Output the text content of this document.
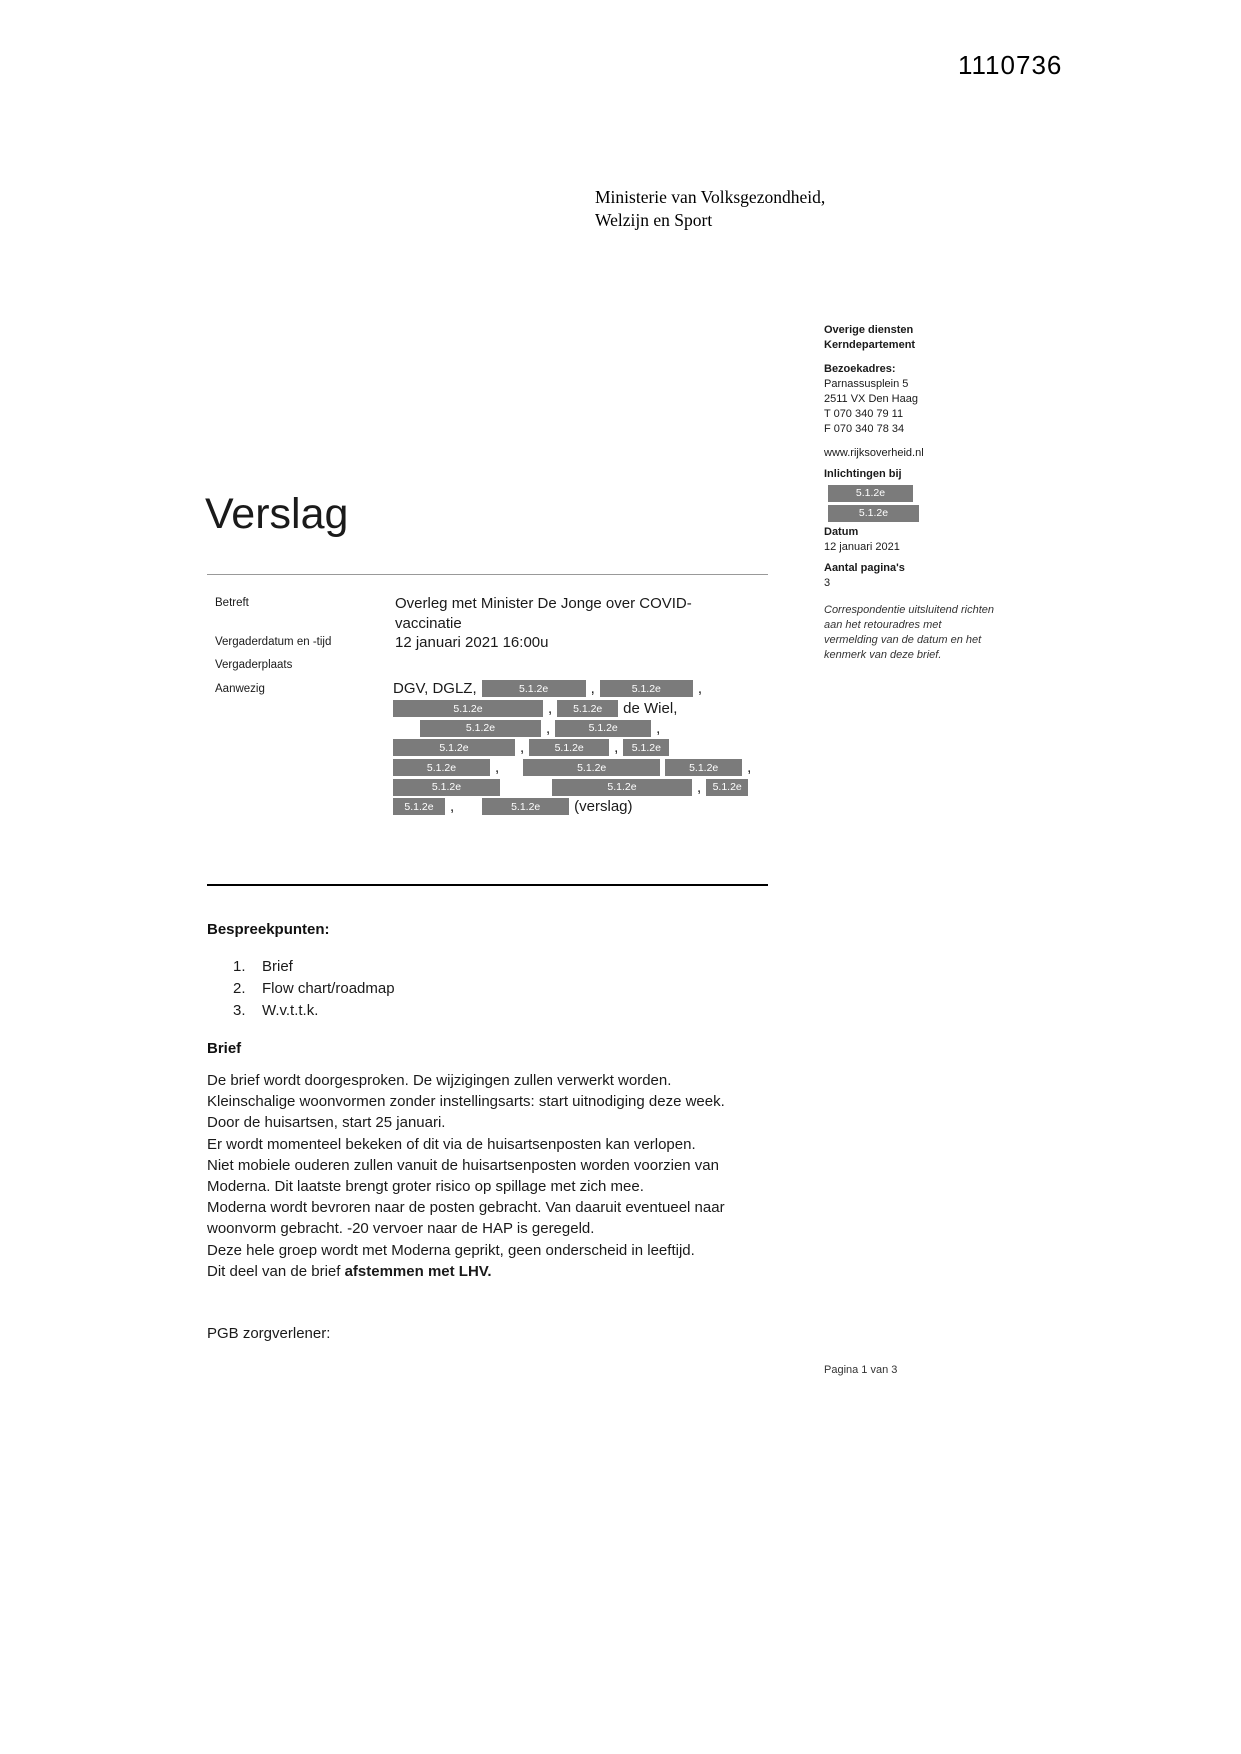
1110736
Ministerie van Volksgezondheid,
Welzijn en Sport
Overige diensten
Kerndepartement
Bezoekadres:
Parnassusplein 5
2511 VX Den Haag
T 070 340 79 11
F 070 340 78 34
www.rijksoverheid.nl
Inlichtingen bij
5.1.2e
5.1.2e
Datum
12 januari 2021
Aantal pagina's
3
Correspondentie uitsluitend richten aan het retouradres met vermelding van de datum en het kenmerk van deze brief.
Verslag
Betreft	Overleg met Minister De Jonge over COVID-vaccinatie
Vergaderdatum en -tijd	12 januari 2021 16:00u
Vergaderplaats
Aanwezig	DGV, DGLZ,	5.1.2e	,	5.1.2e	,
5.1.2e	,	5.1.2e	de Wiel,
5.1.2e	,	5.1.2e	,
5.1.2e	,	5.1.2e	,	5.1.2e
5.1.2e	,	5.1.2e	5.1.2e	,
5.1.2e	5.1.2e	,	5.1.2e
5.1.2e	,	5.1.2e	(verslag)
Bespreekpunten:
1.	Brief
2.	Flow chart/roadmap
3.	W.v.t.t.k.
Brief
De brief wordt doorgesproken. De wijzigingen zullen verwerkt worden.
Kleinschalige woonvormen zonder instellingsarts: start uitnodiging deze week.
Door de huisartsen, start 25 januari.
Er wordt momenteel bekeken of dit via de huisartsenposten kan verlopen.
Niet mobiele ouderen zullen vanuit de huisartsenposten worden voorzien van
Moderna. Dit laatste brengt groter risico op spillage met zich mee.
Moderna wordt bevroren naar de posten gebracht. Van daaruit eventueel naar
woonvorm gebracht. -20 vervoer naar de HAP is geregeld.
Deze hele groep wordt met Moderna geprikt, geen onderscheid in leeftijd.
Dit deel van de brief afstemmen met LHV.
PGB zorgverlener:
Pagina 1 van 3
